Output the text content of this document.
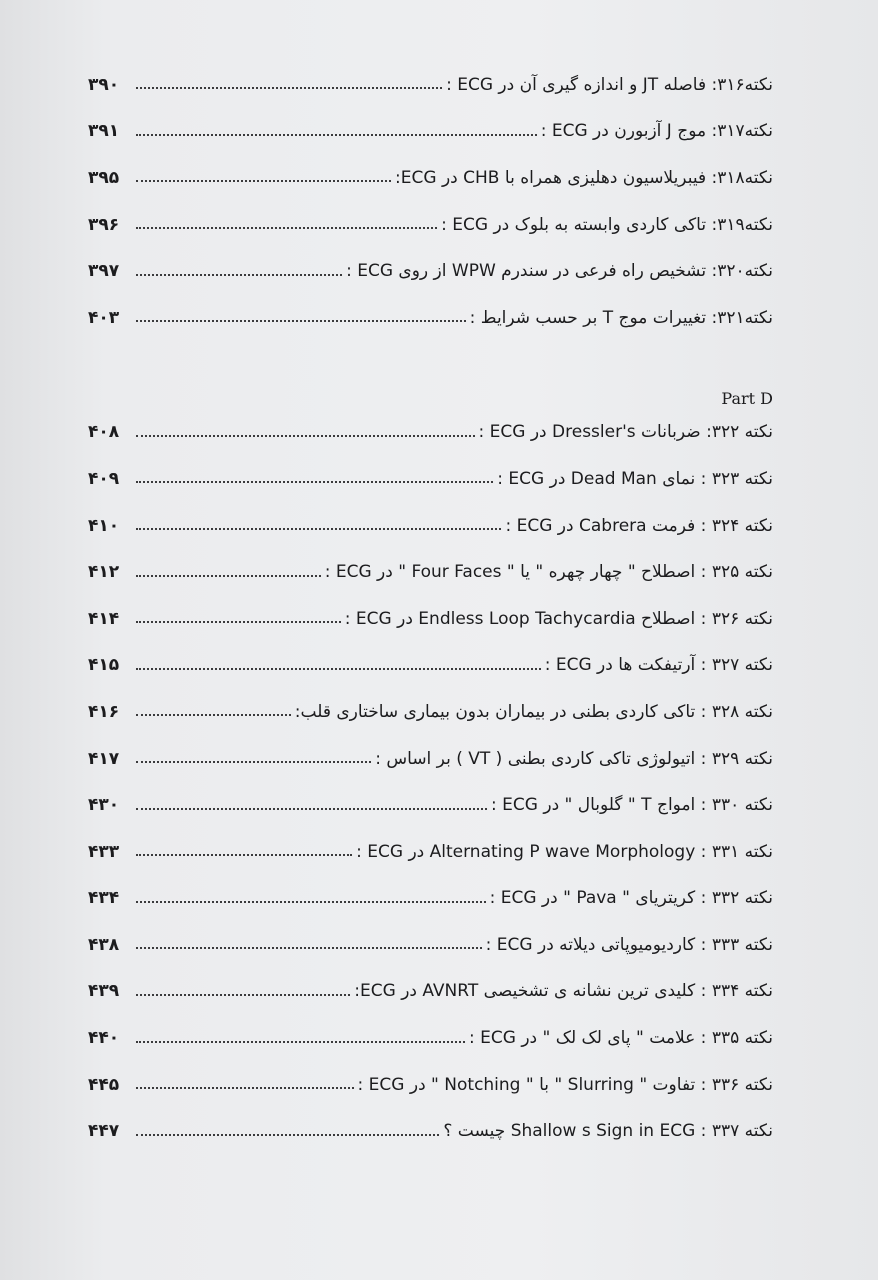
۳۹۰	نکته۳۱۶: فاصله JT و اندازه گیری آن در ECG :
۳۹۱	نکته۳۱۷: موج J آزبورن در ECG :
۳۹۵	نکته۳۱۸: فیبریلاسیون دهلیزی همراه با CHB در ECG:
۳۹۶	نکته۳۱۹: تاکی کاردی وابسته به بلوک در ECG :
۳۹۷	نکته۳۲۰: تشخیص راه فرعی در سندرم WPW از روی ECG :
۴۰۳	نکته۳۲۱: تغییرات موج T بر حسب شرایط :
Part D
۴۰۸	نکته ۳۲۲: ضربانات Dressler's در ECG :
۴۰۹	نکته ۳۲۳ : نمای Dead Man در ECG :
۴۱۰	نکته ۳۲۴ : فرمت Cabrera در ECG :
۴۱۲	نکته ۳۲۵ : اصطلاح " چهار چهره " یا " Four Faces " در ECG :
۴۱۴	نکته ۳۲۶ : اصطلاح Endless Loop Tachycardia در ECG :
۴۱۵	نکته ۳۲۷ : آرتیفکت ها در ECG :
۴۱۶	نکته ۳۲۸ : تاکی کاردی بطنی در بیماران بدون بیماری ساختاری قلب:
۴۱۷	نکته ۳۲۹ : اتیولوژی تاکی کاردی بطنی ( VT ) بر اساس :
۴۳۰	نکته ۳۳۰ : امواج T " گلوبال " در ECG :
۴۳۳	نکته ۳۳۱ : Alternating P wave Morphology در ECG :
۴۳۴	نکته ۳۳۲ : کریتریای " Pava " در ECG :
۴۳۸	نکته ۳۳۳ : کاردیومیوپاتی دیلاته در ECG :
۴۳۹	نکته ۳۳۴ : کلیدی ترین نشانه ی تشخیصی AVNRT در ECG:
۴۴۰	نکته ۳۳۵ : علامت " پای لک لک " در ECG :
۴۴۵	نکته ۳۳۶ : تفاوت " Slurring " با " Notching " در ECG :
۴۴۷	نکته ۳۳۷ : Shallow s Sign in ECG چیست ؟
